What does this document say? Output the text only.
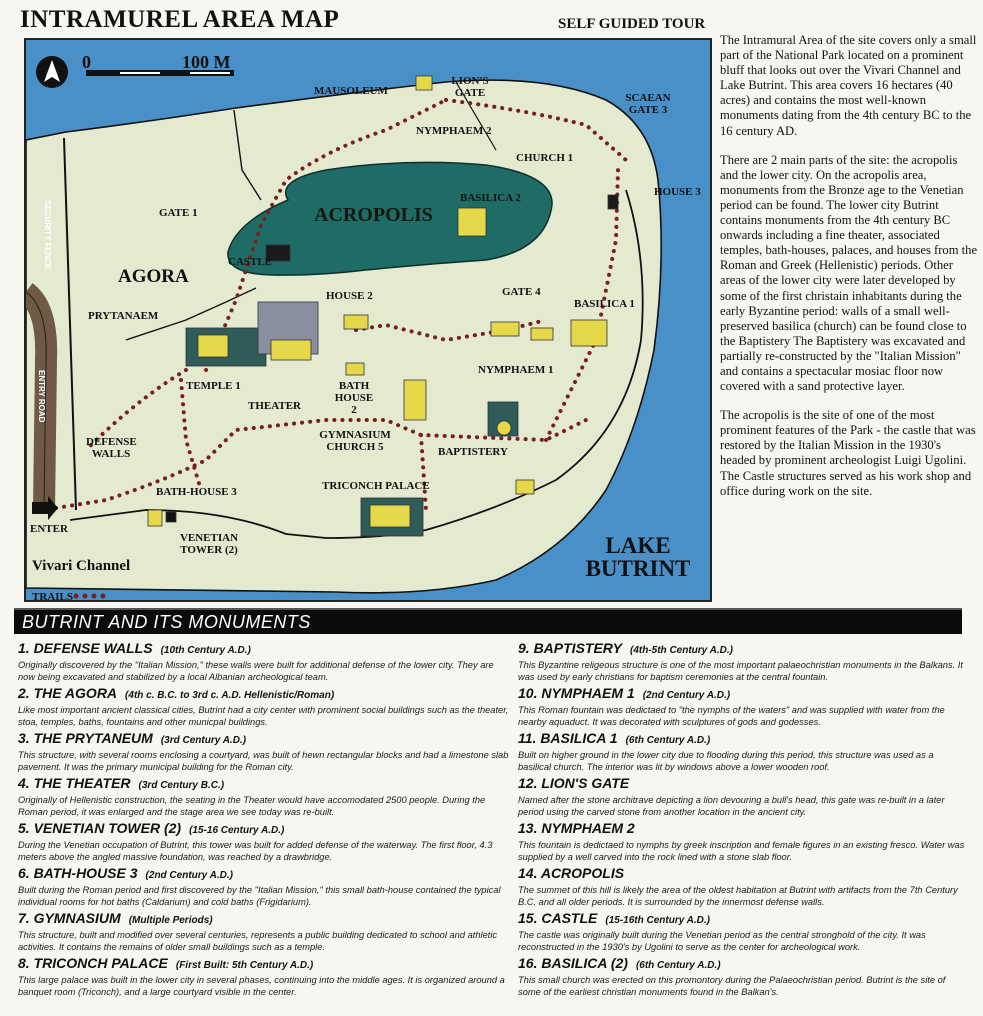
INTRAMUREL AREA MAP	SELF GUIDED TOUR
0	100 M
ACROPOLIS
AGORA
MAUSOLEUM
LION'S GATE
NYMPHAEM 2
SCAEAN GATE 3
CHURCH 1
HOUSE 3
GATE 1
BASILICA 2
CASTLE
PRYTANAEM
HOUSE 2	GATE 4
BASILICA 1
NYMPHAEM 1
TEMPLE 1
THEATER
BATH HOUSE 2
GYMNASIUM CHURCH 5	BAPTISTERY
DEFENSE WALLS
BATH-HOUSE 3	TRICONCH PALACE
VENETIAN TOWER (2)
ENTER
Vivari Channel
LAKE BUTRINT
TRAILS
SECURITY FENCE
ENTRY ROAD

The Intramural Area of the site covers only a small part of the National Park located on a prominent bluff that looks out over the Vivari Channel and Lake Butrint. This area covers 16 hectares (40 acres) and contains the most well-known monuments dating from the 4th century BC to the 16 century AD.

There are 2 main parts of the site: the acropolis and the lower city. On the acropolis area, monuments from the Bronze age to the Venetian period can be found. The lower city Butrint contains monuments from the 4th century BC onwards including a fine theater, associated temples, bath-houses, palaces, and houses from the Roman and Greek (Hellenistic) periods. Other areas of the lower city were later developed by some of the first christain inhabitants during the early Byzantine period: walls of a small well-preserved basilica (church) can be found close to the Baptistery The Baptistery was excavated and partially re-constructed by the "Italian Mission" and contains a spectacular mosiac floor now covered with a sand protective layer.

The acropolis is the site of one of the most prominent features of the Park - the castle that was restored by the Italian Mission in the 1930's headed by prominent archeologist Luigi Ugolini. The Castle structures served as his work shop and office during work on the site.

BUTRINT AND ITS MONUMENTS
1. DEFENSE WALLS (10th Century A.D.)

Originally discovered by the "Italian Mission," these walls were built for additional defense of the lower city. They are now being excavated and stabilized by a local Albanian archeological team.

2. THE AGORA (4th c. B.C. to 3rd c. A.D. Hellenistic/Roman)

Like most important ancient classical cities, Butrint had a city center with prominent social buildings such as the theater, stoa, temples, baths, fountains and other municpal buildings.

3. THE PRYTANEUM (3rd Century A.D.)

This structure, with several rooms enclosing a courtyard, was built of hewn rectangular blocks and had a limestone slab pavement. It was the primary municipal building for the Roman city.

4. THE THEATER (3rd Century B.C.)

Originally of Hellenistic construction, the seating in the Theater would have accomodated 2500 people. During the Roman period, it was enlarged and the stage area we see today was re-built.

5. VENETIAN TOWER (2) (15-16 Century A.D.)

During the Venetian occupation of Butrint, this tower was built for added defense of the waterway. The first floor, 4.3 meters above the angled massive foundation, was reached by a drawbridge.

6. BATH-HOUSE 3 (2nd Century A.D.)

Built during the Roman period and first discovered by the "Italian Mission," this small bath-house contained the typical individual rooms for hot baths (Caldarium) and cold baths (Frigidarium).

7. GYMNASIUM (Multiple Periods)

This structure, built and modified over several centuries, represents a public building dedicated to school and athletic activities. It contains the remains of older small buildings such as a temple.

8. TRICONCH PALACE (First Built: 5th Century A.D.)

This large palace was built in the lower city in several phases, continuing into the middle ages. It is organized around a banquet room (Triconch), and a large courtyard visible in the center.

9. BAPTISTERY (4th-5th Century A.D.)

This Byzantine religeous structure is one of the most important palaeochristian monuments in the Balkans. It was used by early christians for baptism ceremonies at the central fountain.

10. NYMPHAEM 1 (2nd Century A.D.)

This Roman fountain was dedictaed to "the nymphs of the waters" and was supplied with water from the nearby aquaduct. It was decorated with sculptures of gods and godesses.

11. BASILICA 1 (6th Century A.D.)

Built on higher ground in the lower city due to flooding during this period, this structure was used as a basilical church. The interior was lit by windows above a lower wooden roof.

12. LION'S GATE

Named after the stone architrave depicting a lion devouring a bull's head, this gate was re-built in a later period using the carved stone from another location in the ancient city.

13. NYMPHAEM 2

This fountain is dedictaed to nymphs by greek inscription and female figures in an existing fresco. Water was supplied by a well carved into the rock lined with a stone slab floor.

14. ACROPOLIS

The summet of this hill is likely the area of the oldest habitation at Butrint with artifacts from the 7th Century B.C. and all older periods. It is surrounded by the innermost defense walls.

15. CASTLE (15-16th Century A.D.)

The castle was originally built during the Venetian period as the central stronghold of the city. It was reconstructed in the 1930's by Ugolini to serve as the center for archeological work.

16. BASILICA (2) (6th Century A.D.)

This small church was erected on this promontory during the Palaeochristian period. Butrint is the site of some of the earliest christian monuments found in the Balkan's.
